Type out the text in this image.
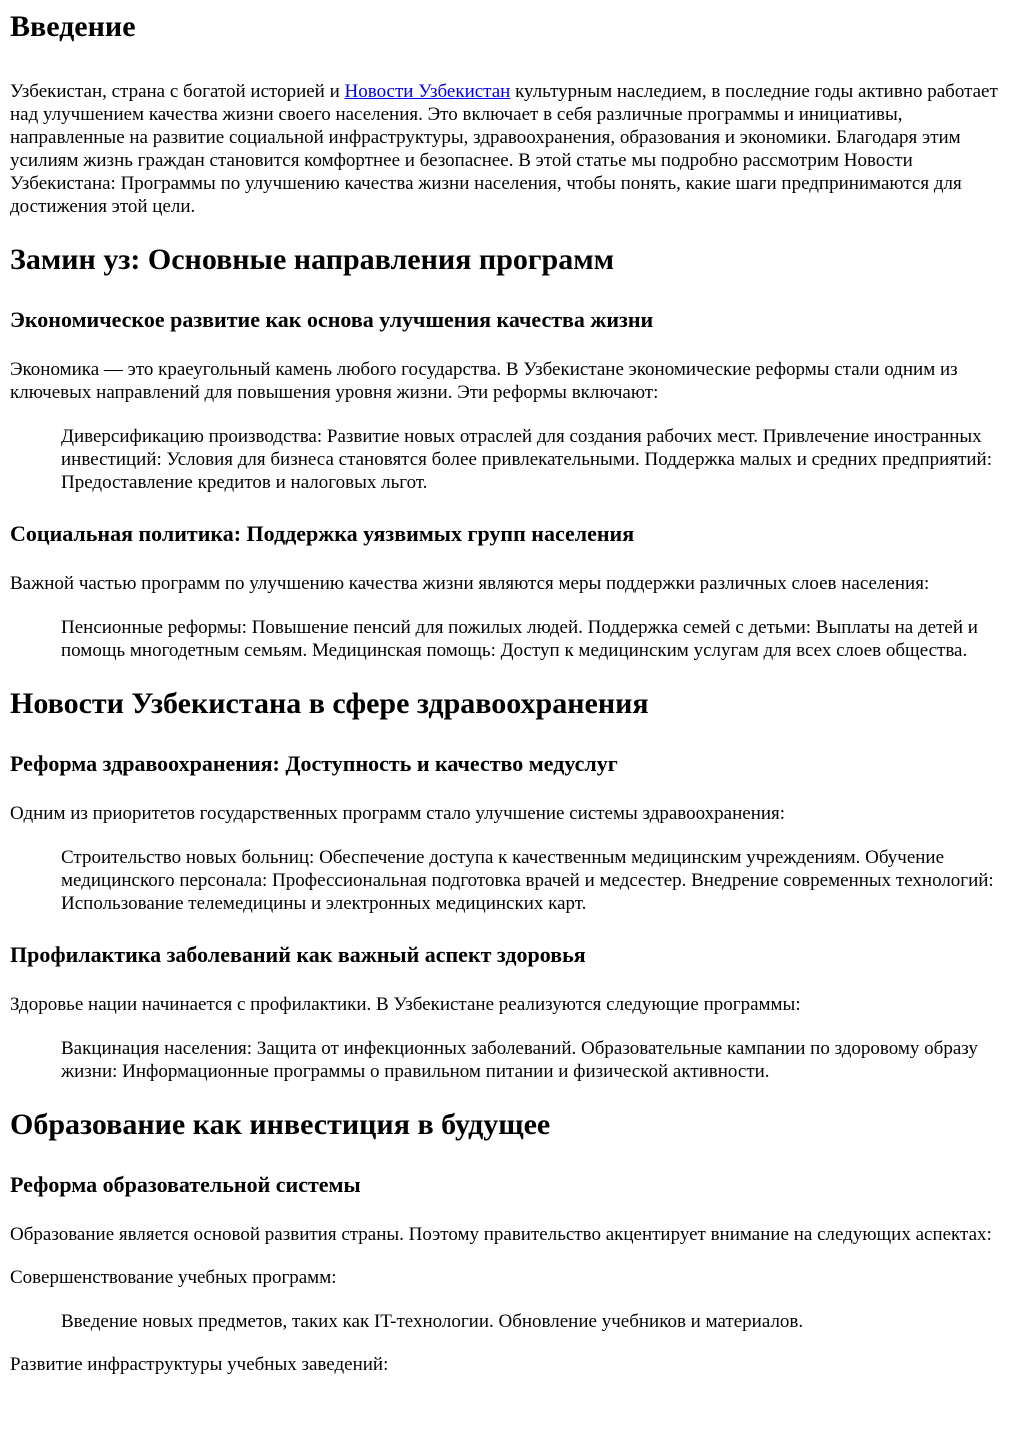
Введение

Узбекистан, страна с богатой историей и Новости Узбекистан культурным наследием, в последние годы активно работает над улучшением качества жизни своего населения. Это включает в себя различные программы и инициативы, направленные на развитие социальной инфраструктуры, здравоохранения, образования и экономики. Благодаря этим усилиям жизнь граждан становится комфортнее и безопаснее. В этой статье мы подробно рассмотрим Новости Узбекистана: Программы по улучшению качества жизни населения, чтобы понять, какие шаги предпринимаются для достижения этой цели.

Замин уз: Основные направления программ
Экономическое развитие как основа улучшения качества жизни

Экономика — это краеугольный камень любого государства. В Узбекистане экономические реформы стали одним из ключевых направлений для повышения уровня жизни. Эти реформы включают:

Диверсификацию производства: Развитие новых отраслей для создания рабочих мест. Привлечение иностранных инвестиций: Условия для бизнеса становятся более привлекательными. Поддержка малых и средних предприятий: Предоставление кредитов и налоговых льгот.
Социальная политика: Поддержка уязвимых групп населения

Важной частью программ по улучшению качества жизни являются меры поддержки различных слоев населения:

Пенсионные реформы: Повышение пенсий для пожилых людей. Поддержка семей с детьми: Выплаты на детей и помощь многодетным семьям. Медицинская помощь: Доступ к медицинским услугам для всех слоев общества.
Новости Узбекистана в сфере здравоохранения
Реформа здравоохранения: Доступность и качество медуслуг

Одним из приоритетов государственных программ стало улучшение системы здравоохранения:

Строительство новых больниц: Обеспечение доступа к качественным медицинским учреждениям. Обучение медицинского персонала: Профессиональная подготовка врачей и медсестер. Внедрение современных технологий: Использование телемедицины и электронных медицинских карт.
Профилактика заболеваний как важный аспект здоровья

Здоровье нации начинается с профилактики. В Узбекистане реализуются следующие программы:

Вакцинация населения: Защита от инфекционных заболеваний. Образовательные кампании по здоровому образу жизни: Информационные программы о правильном питании и физической активности.
Образование как инвестиция в будущее
Реформа образовательной системы

Образование является основой развития страны. Поэтому правительство акцентирует внимание на следующих аспектах:

Совершенствование учебных программ:

Введение новых предметов, таких как IT-технологии. Обновление учебников и материалов.

Развитие инфраструктуры учебных заведений:
